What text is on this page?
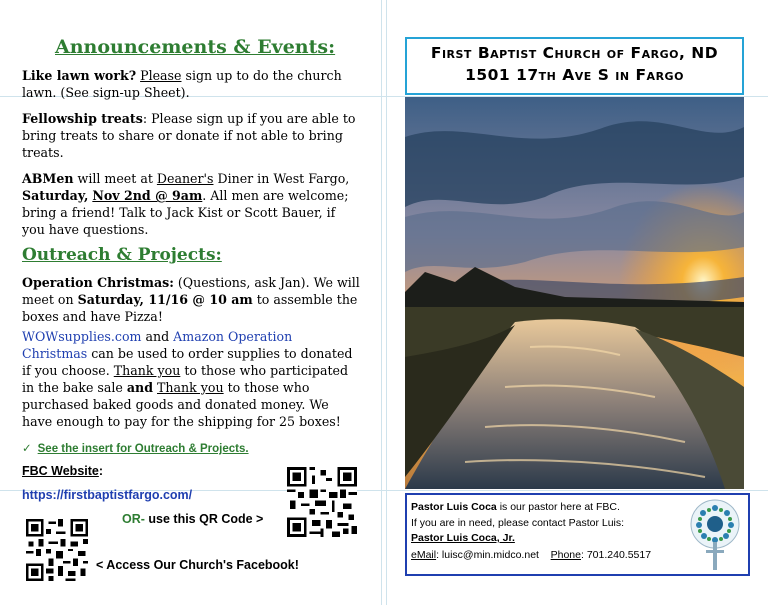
Announcements & Events:
Like lawn work? Please sign up to do the church lawn. (See sign-up Sheet).
Fellowship treats: Please sign up if you are able to bring treats to share or donate if not able to bring treats.
ABMen will meet at Deaner's Diner in West Fargo, Saturday, Nov 2nd @ 9am. All men are welcome; bring a friend! Talk to Jack Kist or Scott Bauer, if you have questions.
Outreach & Projects:
Operation Christmas: (Questions, ask Jan). We will meet on Saturday, 11/16 @ 10 am to assemble the boxes and have Pizza!
WOWsupplies.com and Amazon Operation Christmas can be used to order supplies to donated if you choose. Thank you to those who participated in the bake sale and Thank you to those who purchased baked goods and donated money. We have enough to pay for the shipping for 25 boxes!
✓ See the insert for Outreach & Projects.
FBC Website:
https://firstbaptistfargo.com/
OR- use this QR Code >
< Access Our Church's Facebook!
First Baptist Church of Fargo, ND
1501 17th Ave S in Fargo
Pastor Luis Coca is our pastor here at FBC.
If you are in need, please contact Pastor Luis:
Pastor Luis Coca, Jr.
eMail: luisc@min.midco.net Phone: 701.240.5517
